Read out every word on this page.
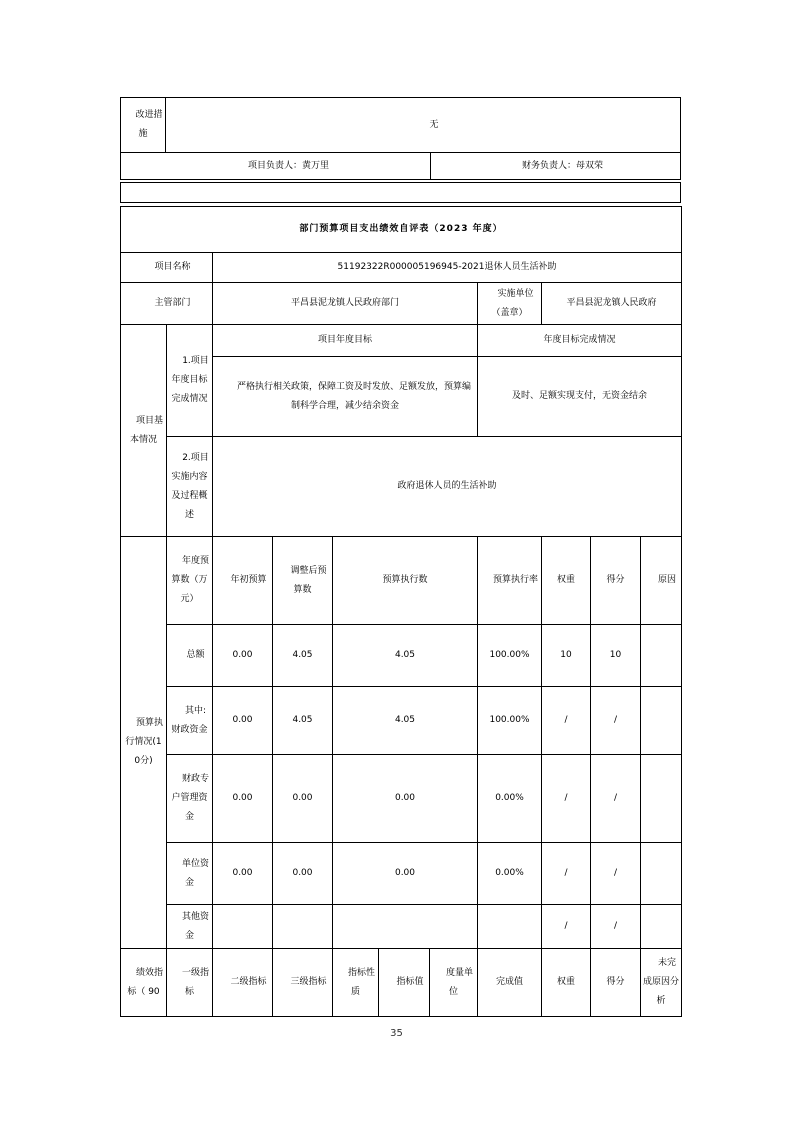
改进措施	无
项目负责人：黄万里	财务负责人：母双荣
部门预算项目支出绩效自评表（2023 年度）										
项目名称		51192322R000005196945-2021退休人员生活补助								
主管部门		平昌县泥龙镇人民政府部门					实施单位（盖章）	平昌县泥龙镇人民政府		
项目基本情况	1.项目年度目标完成情况	项目年度目标					年度目标完成情况			
		严格执行相关政策，保障工资及时发放、足额发放，预算编制科学合理，减少结余资金					及时、足额实现支付，无资金结余			
	2.项目实施内容及过程概述	政府退休人员的生活补助								
预算执行情况(10分)	年度预算数（万元）	年初预算	调整后预算数	预算执行数			预算执行率	权重	得分	原因
	总额	0.00	4.05	4.05			100.00%	10	10	
	其中:财政资金	0.00	4.05	4.05			100.00%	/	/	
	财政专户管理资金	0.00	0.00	0.00			0.00%	/	/	
	单位资金	0.00	0.00	0.00			0.00%	/	/	
	其他资金							/	/	
绩效指标（ 90	一级指标	二级指标	三级指标	指标性质	指标值	度量单位	完成值	权重	得分	未完成原因分析
35
